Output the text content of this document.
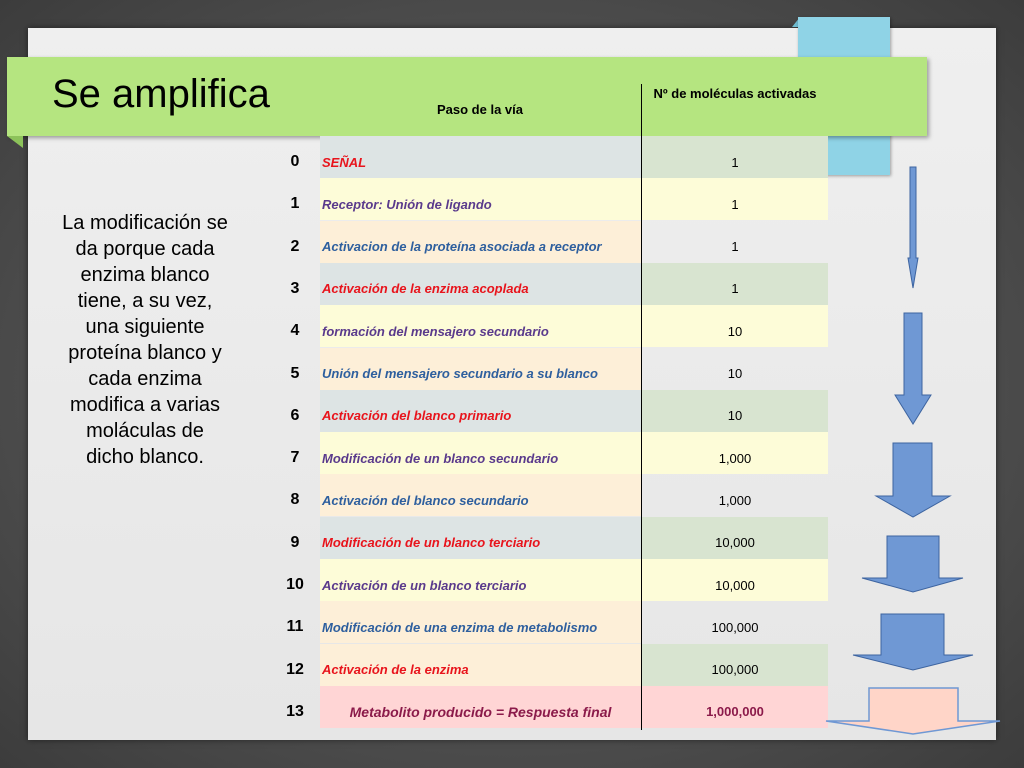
Se amplifica	Paso de la vía
Nº de moléculas activadas
La modificación se da porque cada enzima blanco tiene, a su vez, una siguiente proteína blanco y cada enzima modifica a varias moláculas de dicho blanco.
0	SEÑAL	1
1	Receptor: Unión de ligando	1
2	Activacion de la proteína asociada a receptor	1
3	Activación de la enzima acoplada	1
4	formación del mensajero secundario	10
5	Unión del mensajero secundario a su blanco	10
6	Activación del blanco primario	10
7	Modificación de un blanco secundario	1,000
8	Activación del blanco secundario	1,000
9	Modificación de un blanco terciario	10,000
10	Activación de un blanco terciario	10,000
11	Modificación de una enzima de metabolismo	100,000
12	Activación de la enzima	100,000
13	Metabolito producido = Respuesta final	1,000,000
